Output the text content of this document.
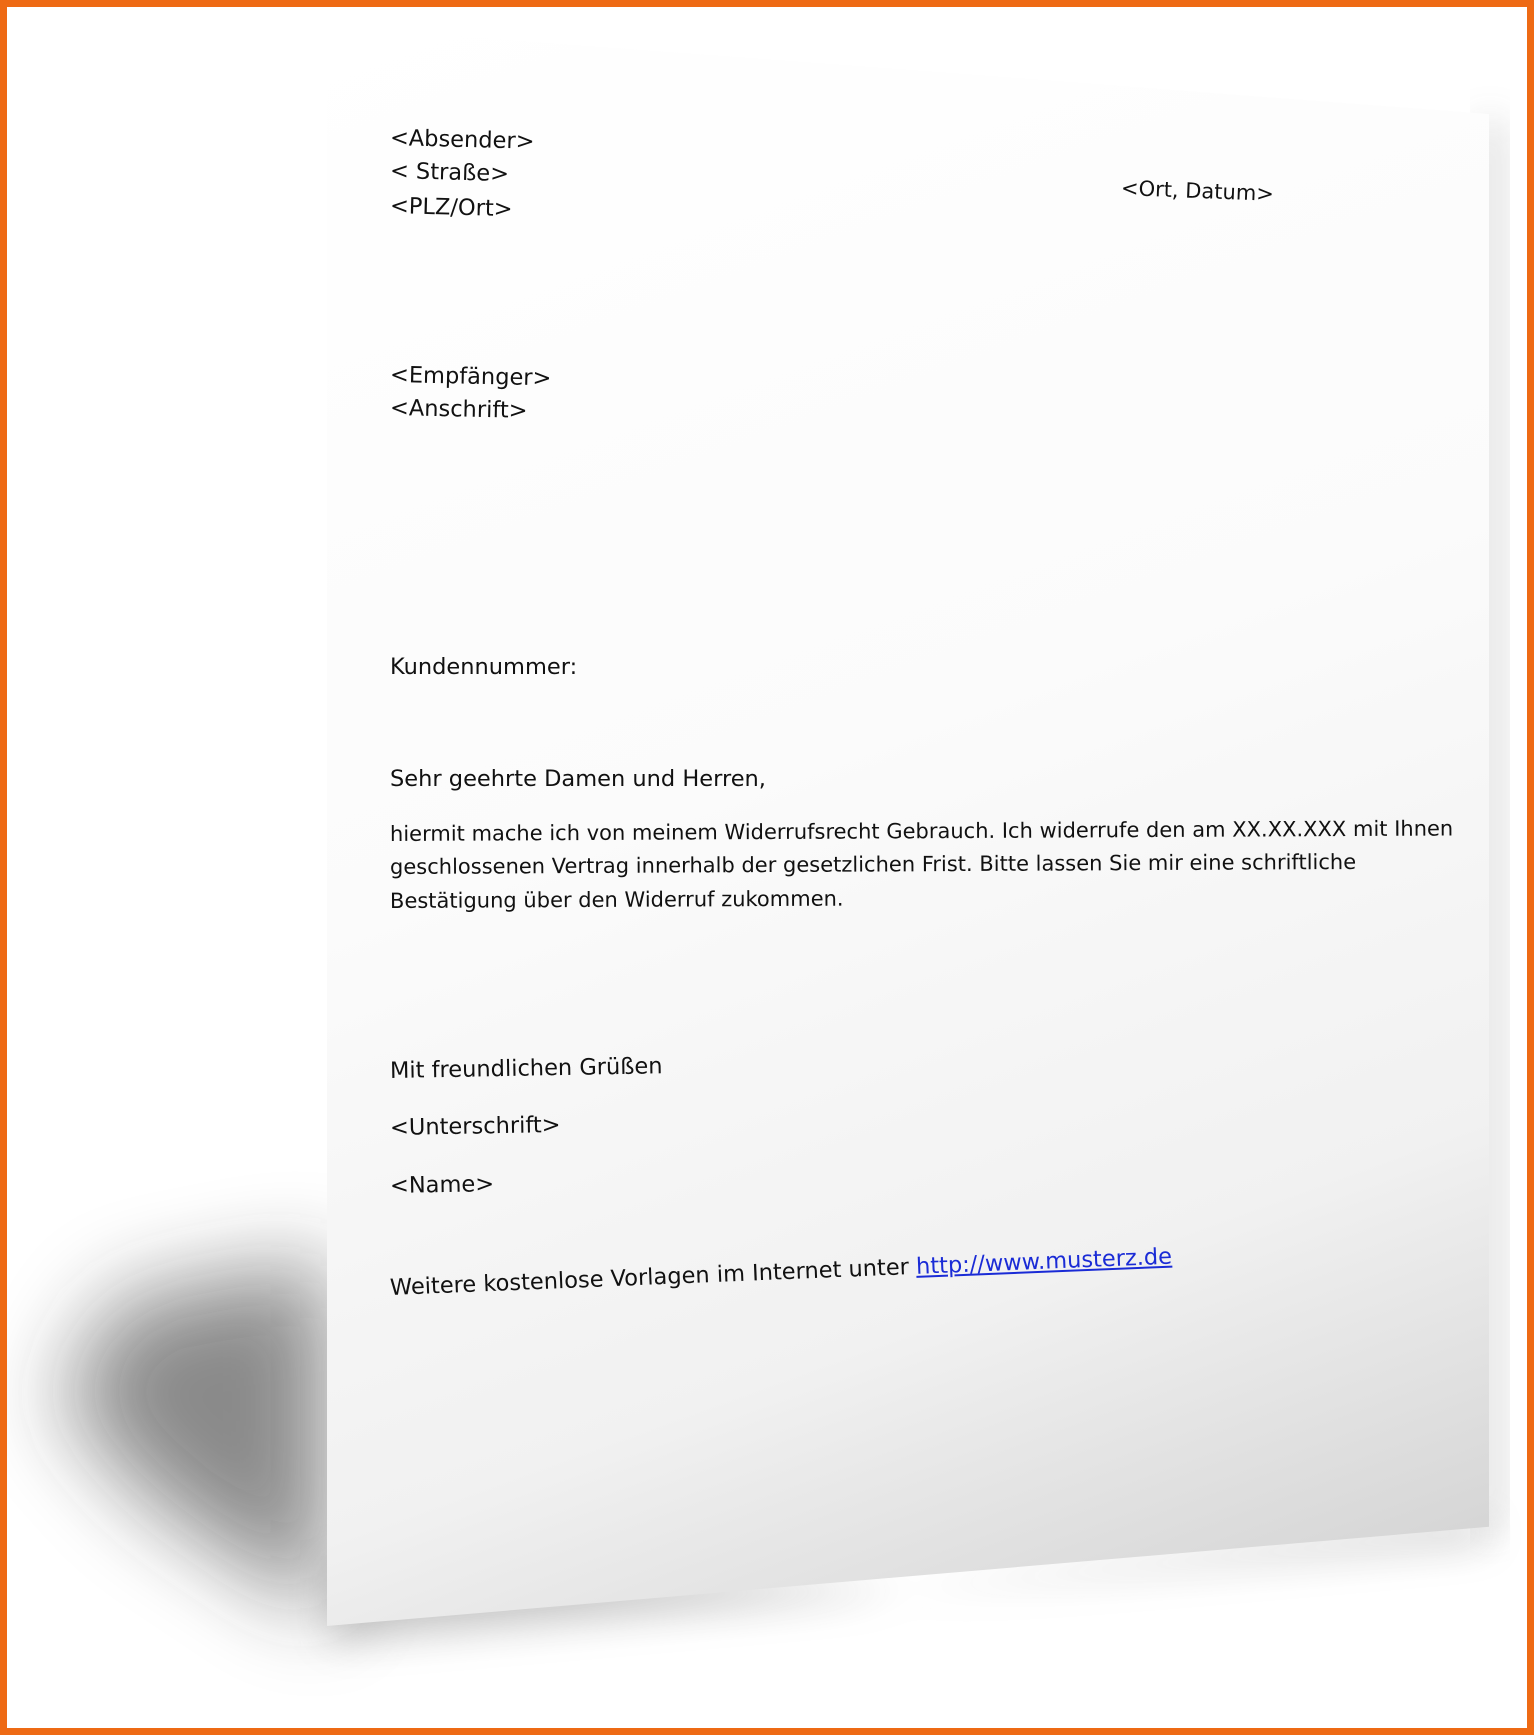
<Absender>
< Straße>
<PLZ/Ort>
<Ort, Datum>
<Empfänger>
<Anschrift>
Kundennummer:
Sehr geehrte Damen und Herren,
hiermit mache ich von meinem Widerrufsrecht Gebrauch. Ich widerrufe den am XX.XX.XXX mit Ihnen
geschlossenen Vertrag innerhalb der gesetzlichen Frist. Bitte lassen Sie mir eine schriftliche
Bestätigung über den Widerruf zukommen.
Mit freundlichen Grüßen
<Unterschrift>
<Name>
Weitere kostenlose Vorlagen im Internet unter http://www.musterz.de
